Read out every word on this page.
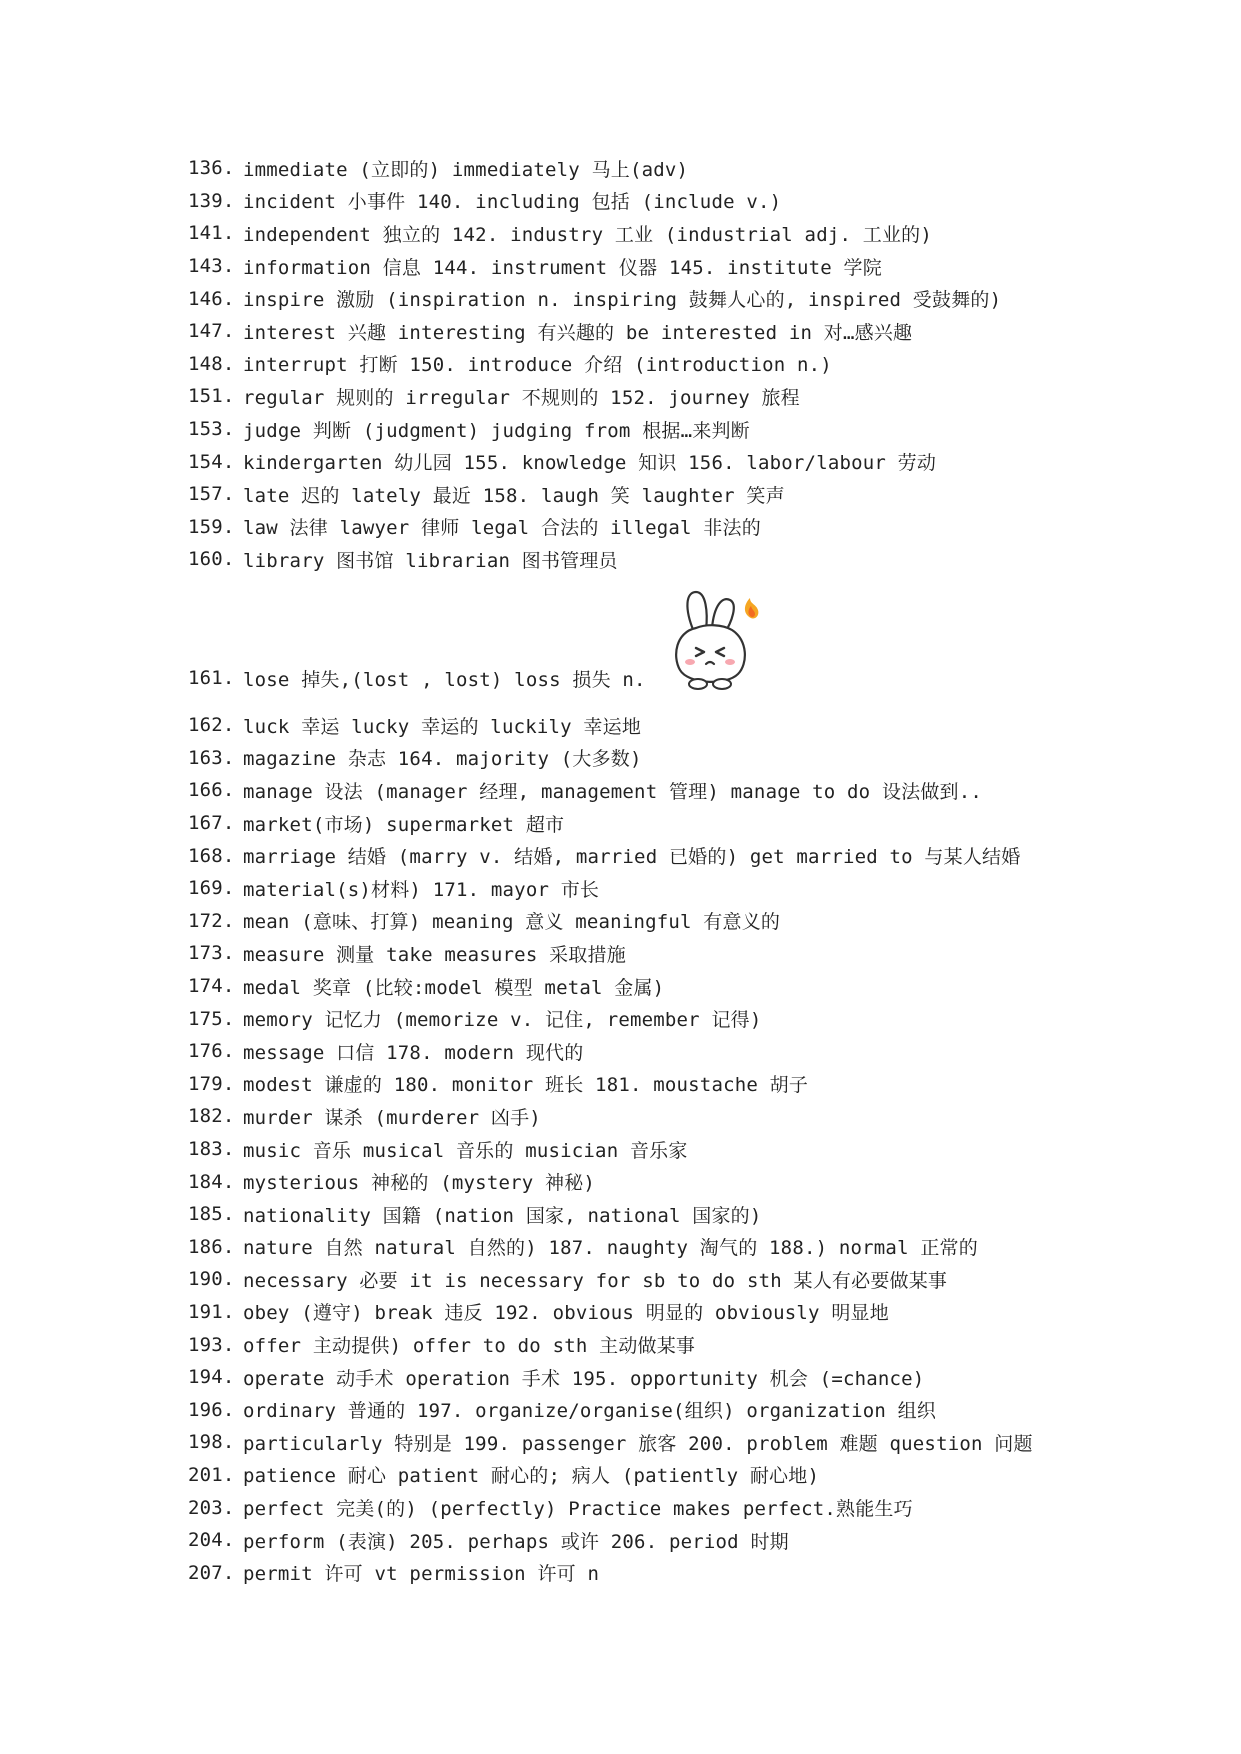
136. immediate (立即的) immediately 马上(adv)
139. incident 小事件 140. including 包括 (include v.)
141. independent 独立的 142. industry 工业 (industrial adj. 工业的)
143. information 信息 144. instrument 仪器 145. institute 学院
146. inspire 激励 (inspiration n. inspiring 鼓舞人心的, inspired 受鼓舞的)
147. interest 兴趣 interesting 有兴趣的 be interested in 对…感兴趣
148. interrupt 打断 150. introduce 介绍 (introduction n.)
151. regular 规则的 irregular 不规则的 152. journey 旅程
153. judge 判断 (judgment) judging from 根据…来判断
154. kindergarten 幼儿园 155. knowledge 知识 156. labor/labour 劳动
157. late 迟的 lately 最近 158. laugh 笑 laughter 笑声
159. law 法律 lawyer 律师 legal 合法的 illegal 非法的
160. library 图书馆 librarian 图书管理员
161. lose 掉失,(lost , lost) loss 损失 n.
162. luck 幸运 lucky 幸运的 luckily 幸运地
163. magazine 杂志 164. majority (大多数)
166. manage 设法 (manager 经理, management 管理) manage to do 设法做到..
167. market(市场) supermarket 超市
168. marriage 结婚 (marry v. 结婚, married 已婚的) get married to 与某人结婚
169. material(s)材料) 171. mayor 市长
172. mean (意味、打算) meaning 意义 meaningful 有意义的
173. measure 测量 take measures 采取措施
174. medal 奖章 (比较:model 模型 metal 金属)
175. memory 记忆力 (memorize v. 记住, remember 记得)
176. message 口信 178. modern 现代的
179. modest 谦虚的 180. monitor 班长 181. moustache 胡子
182. murder 谋杀 (murderer 凶手)
183. music 音乐 musical 音乐的 musician 音乐家
184. mysterious 神秘的 (mystery 神秘)
185. nationality 国籍 (nation 国家, national 国家的)
186. nature 自然 natural 自然的) 187. naughty 淘气的 188.) normal 正常的
190. necessary 必要 it is necessary for sb to do sth 某人有必要做某事
191. obey (遵守) break 违反 192. obvious 明显的 obviously 明显地
193. offer 主动提供) offer to do sth 主动做某事
194. operate 动手术 operation 手术 195. opportunity 机会 (=chance)
196. ordinary 普通的 197. organize/organise(组织) organization 组织
198. particularly 特别是 199. passenger 旅客 200. problem 难题 question 问题
201. patience 耐心 patient 耐心的; 病人 (patiently 耐心地)
203. perfect 完美(的) (perfectly) Practice makes perfect.熟能生巧
204. perform (表演) 205. perhaps 或许 206. period 时期
207. permit 许可 vt permission 许可 n
